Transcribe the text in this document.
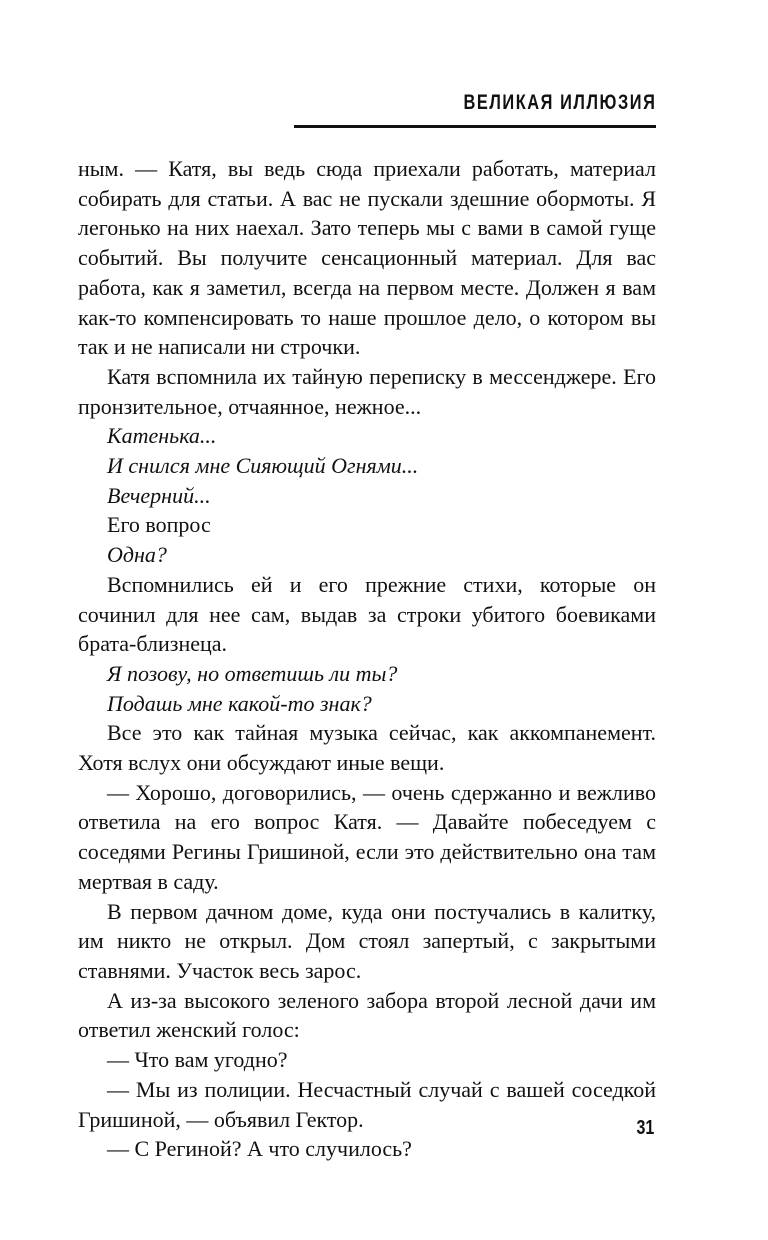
ВЕЛИКАЯ ИЛЛЮЗИЯ

ным. — Катя, вы ведь сюда приехали работать, материал собирать для статьи. А вас не пускали здешние обормоты. Я легонько на них наехал. Зато теперь мы с вами в самой гуще событий. Вы получите сенсационный материал. Для вас работа, как я заметил, всегда на первом месте. Должен я вам как-то компенсировать то наше прошлое дело, о котором вы так и не написали ни строчки.

Катя вспомнила их тайную переписку в мессенджере. Его пронзительное, отчаянное, нежное...

Катенька...

И снился мне Сияющий Огнями...

Вечерний...

Его вопрос

Одна?

Вспомнились ей и его прежние стихи, которые он сочинил для нее сам, выдав за строки убитого боевиками брата-близнеца.

Я позову, но ответишь ли ты?

Подашь мне какой-то знак?

Все это как тайная музыка сейчас, как аккомпанемент. Хотя вслух они обсуждают иные вещи.

— Хорошо, договорились, — очень сдержанно и вежливо ответила на его вопрос Катя. — Давайте побеседуем с соседями Регины Гришиной, если это действительно она там мертвая в саду.

В первом дачном доме, куда они постучались в калитку, им никто не открыл. Дом стоял запертый, с закрытыми ставнями. Участок весь зарос.

А из-за высокого зеленого забора второй лесной дачи им ответил женский голос:

— Что вам угодно?

— Мы из полиции. Несчастный случай с вашей соседкой Гришиной, — объявил Гектор.

— С Региной? А что случилось?

31
